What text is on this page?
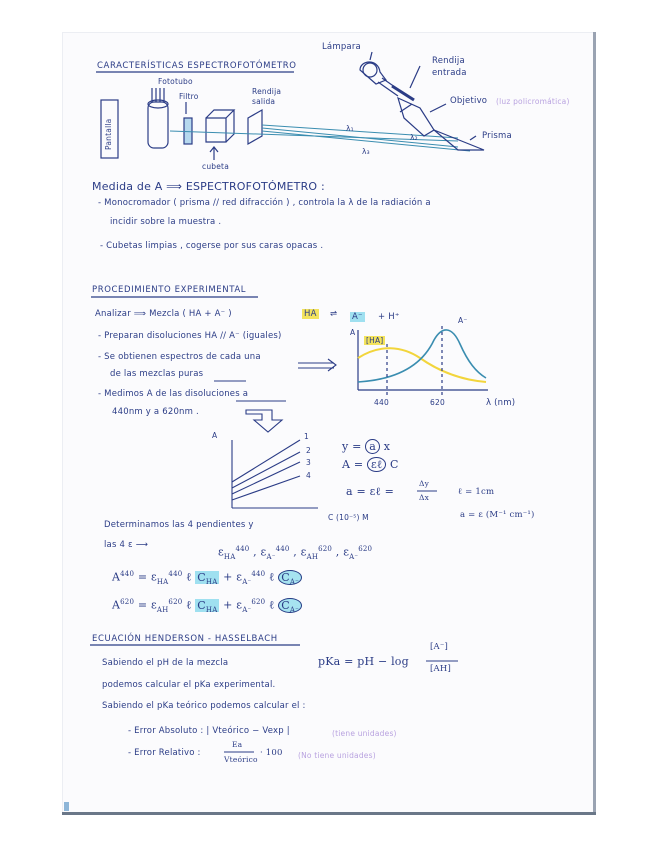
CARACTERÍSTICAS ESPECTROFOTÓMETRO
Lámpara
Rendija
entrada
Objetivo (luz policromática)
Prisma
Fototubo
Filtro
Rendija
salida
Pantalla
cubeta
λ₁
λ₂
λ₃
Medida de A ⟹ ESPECTROFOTÓMETRO :
- Monocromador ( prisma // red difracción ) , controla la λ de la radiación a
incidir sobre la muestra .
- Cubetas limpias , cogerse por sus caras opacas .
PROCEDIMIENTO EXPERIMENTAL
Analizar ⟹ Mezcla ( HA + A⁻ )	HA ⇌ A⁻ + H⁺
- Preparan disoluciones HA // A⁻ (iguales)
- Se obtienen espectros de cada una
de las mezclas puras
- Medimos A de las disoluciones a
440nm y a 620nm .
A
[HA]
A⁻
440	620	λ (nm)
A	1
2
3
4
C (10⁻⁵) M
y = a x
A = εℓ C
a = εℓ =
Δy
Δx
ℓ = 1cm
a = ε (M⁻¹ cm⁻¹)
Determinamos las 4 pendientes y
las 4 ε ⟶
$\varepsilon_{HA}^{440}$ , $\varepsilon_{A^-}^{440}$ , $\varepsilon_{AH}^{620}$ , $\varepsilon_{A^-}^{620}$
$A^{440} = \varepsilon_{HA}^{440}$ ℓ $C_{HA} + \varepsilon_{A^-}^{440}$ ℓ $C_{A^-}$
$A^{620} = \varepsilon_{AH}^{620}$ ℓ $C_{HA} + \varepsilon_{A^-}^{620}$ ℓ $C_{A^-}$
ECUACIÓN HENDERSON - HASSELBACH
pKa = pH − log
[A⁻]
[AH]
Sabiendo el pH de la mezcla
podemos calcular el pKa experimental.
Sabiendo el pKa teórico podemos calcular el :
- Error Absoluto : | Vteórico − Vexp |	(tiene unidades)
- Error Relativo :
Ea
Vteórico
· 100 (No tiene unidades)
